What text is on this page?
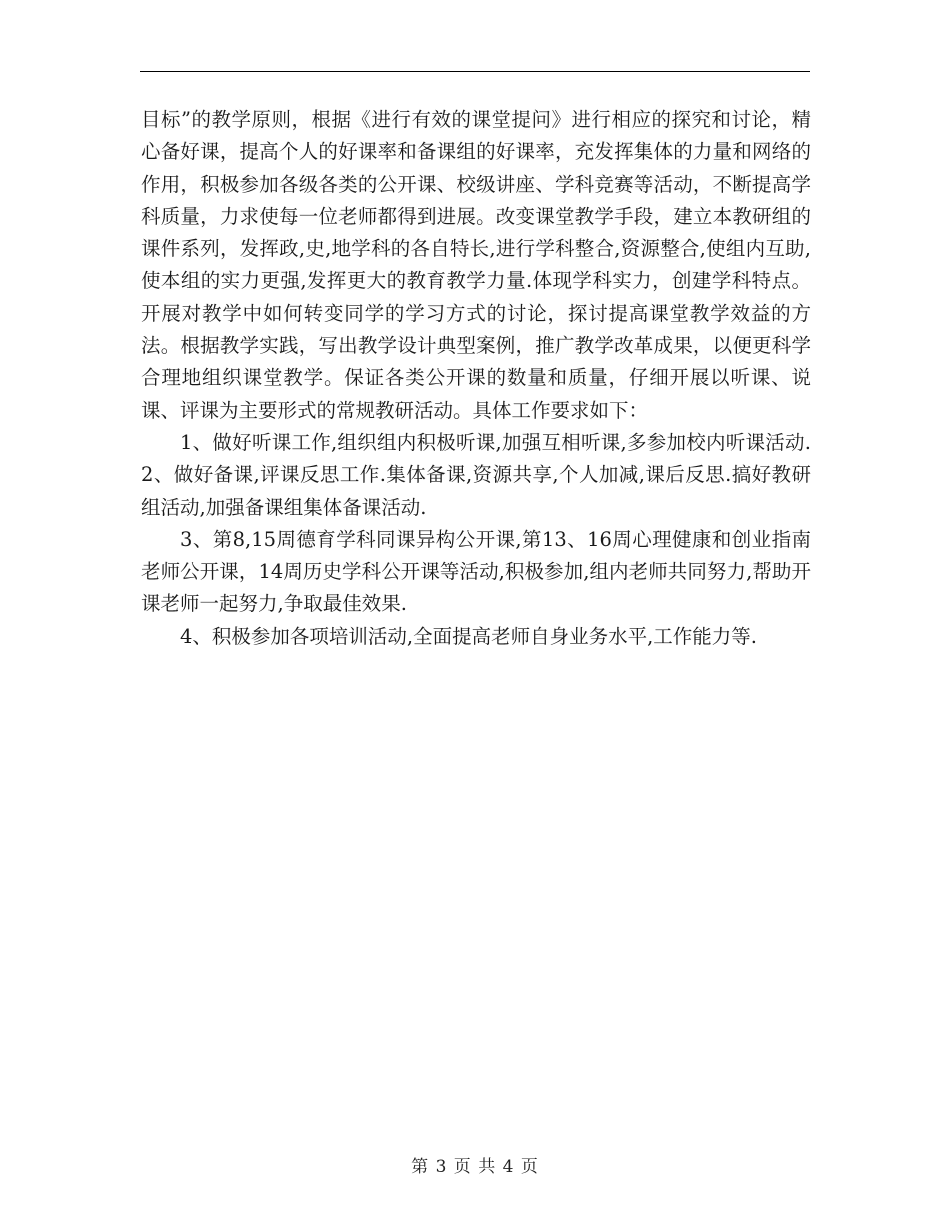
目标”的教学原则，根据《进行有效的课堂提问》进行相应的探究和讨论，精心备好课，提高个人的好课率和备课组的好课率，充发挥集体的力量和网络的作用，积极参加各级各类的公开课、校级讲座、学科竞赛等活动，不断提高学科质量，力求使每一位老师都得到进展。改变课堂教学手段，建立本教研组的课件系列，发挥政,史,地学科的各自特长,进行学科整合,资源整合,使组内互助,使本组的实力更强,发挥更大的教育教学力量.体现学科实力，创建学科特点。开展对教学中如何转变同学的学习方式的讨论，探讨提高课堂教学效益的方法。根据教学实践，写出教学设计典型案例，推广教学改革成果，以便更科学合理地组织课堂教学。保证各类公开课的数量和质量，仔细开展以听课、说课、评课为主要形式的常规教研活动。具体工作要求如下：

1、做好听课工作,组织组内积极听课,加强互相听课,多参加校内听课活动.2、做好备课,评课反思工作.集体备课,资源共享,个人加减,课后反思.搞好教研组活动,加强备课组集体备课活动.

3、第8,15周德育学科同课异构公开课,第13、16周心理健康和创业指南老师公开课，14周历史学科公开课等活动,积极参加,组内老师共同努力,帮助开课老师一起努力,争取最佳效果.

4、积极参加各项培训活动,全面提高老师自身业务水平,工作能力等.

第 3 页 共 4 页
